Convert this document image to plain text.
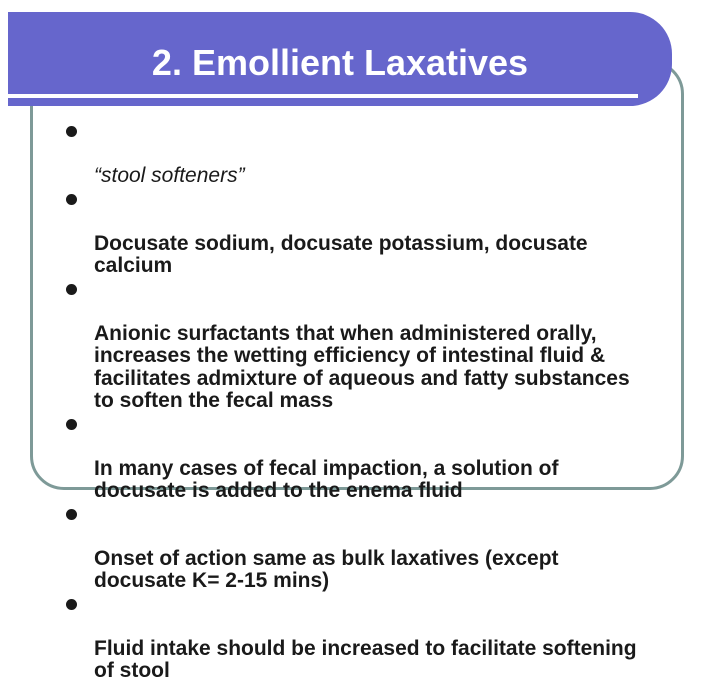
2. Emollient Laxatives

“stool softeners”

Docusate sodium, docusate potassium, docusate
calcium

Anionic surfactants that when administered orally,
increases the wetting efficiency of intestinal fluid &
facilitates admixture of aqueous and fatty substances
to soften the fecal mass

In many cases of fecal impaction, a solution of
docusate is added to the enema fluid

Onset of action same as bulk laxatives (except
docusate K= 2-15 mins)

Fluid intake should be increased to facilitate softening
of stool
